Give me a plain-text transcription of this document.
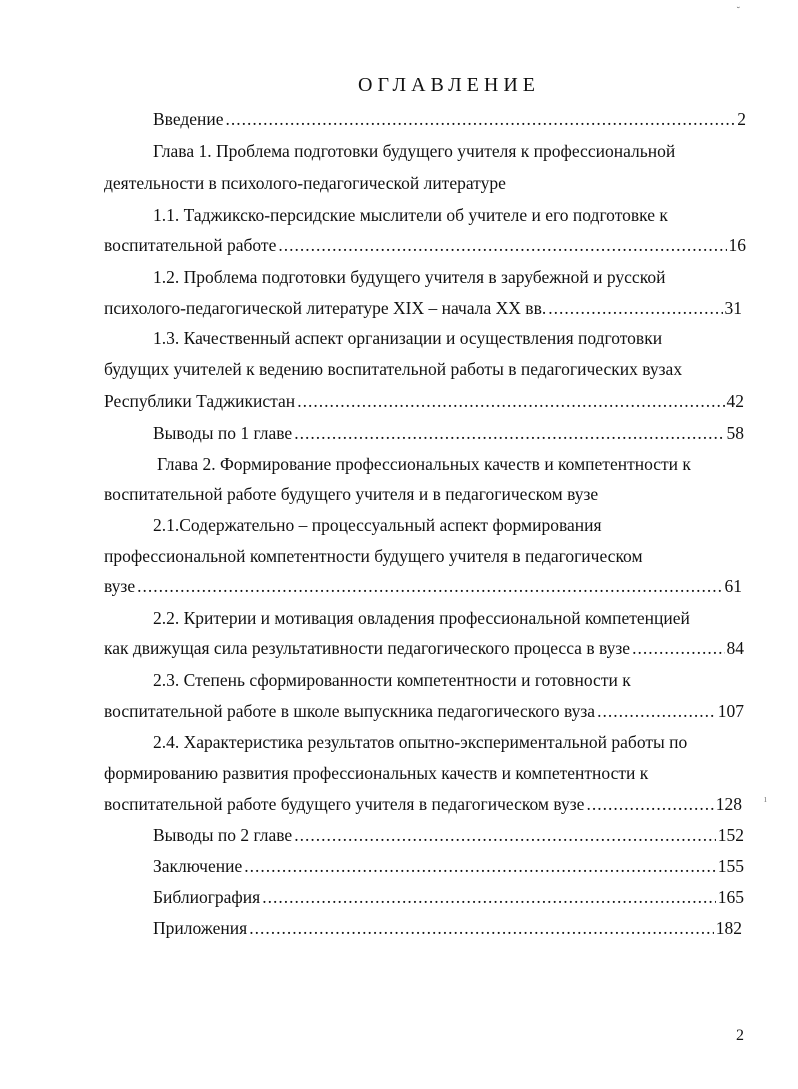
˘
ı
ОГЛАВЛЕНИЕ
Введение .....	2
Глава 1. Проблема подготовки будущего учителя к профессиональной
деятельности в психолого-педагогической литературе
1.1. Таджикско-персидские мыслители об учителе и его подготовке к
воспитательной работе .....	16
1.2. Проблема подготовки будущего учителя в зарубежной и русской
психолого-педагогической литературе XIX – начала XX вв. .....	31
1.3. Качественный аспект организации и осуществления подготовки
будущих учителей к ведению воспитательной работы в педагогических вузах
Республики Таджикистан .....	42
Выводы по 1 главе .....	58
Глава 2. Формирование профессиональных качеств и компетентности к
воспитательной работе будущего учителя и в педагогическом вузе
2.1.Содержательно – процессуальный аспект формирования
профессиональной компетентности будущего учителя в педагогическом
вузе .....	61
2.2. Критерии и мотивация овладения профессиональной компетенцией
как движущая сила результативности педагогического процесса в вузе .....	84
2.3. Степень сформированности компетентности и готовности к
воспитательной работе в школе выпускника педагогического вуза .....	107
2.4. Характеристика результатов опытно-экспериментальной работы по
формированию развития профессиональных качеств и компетентности к
воспитательной работе будущего учителя в педагогическом вузе .....	128
Выводы по 2 главе .....	152
Заключение .....	155
Библиография .....	165
Приложения .....	182
2
